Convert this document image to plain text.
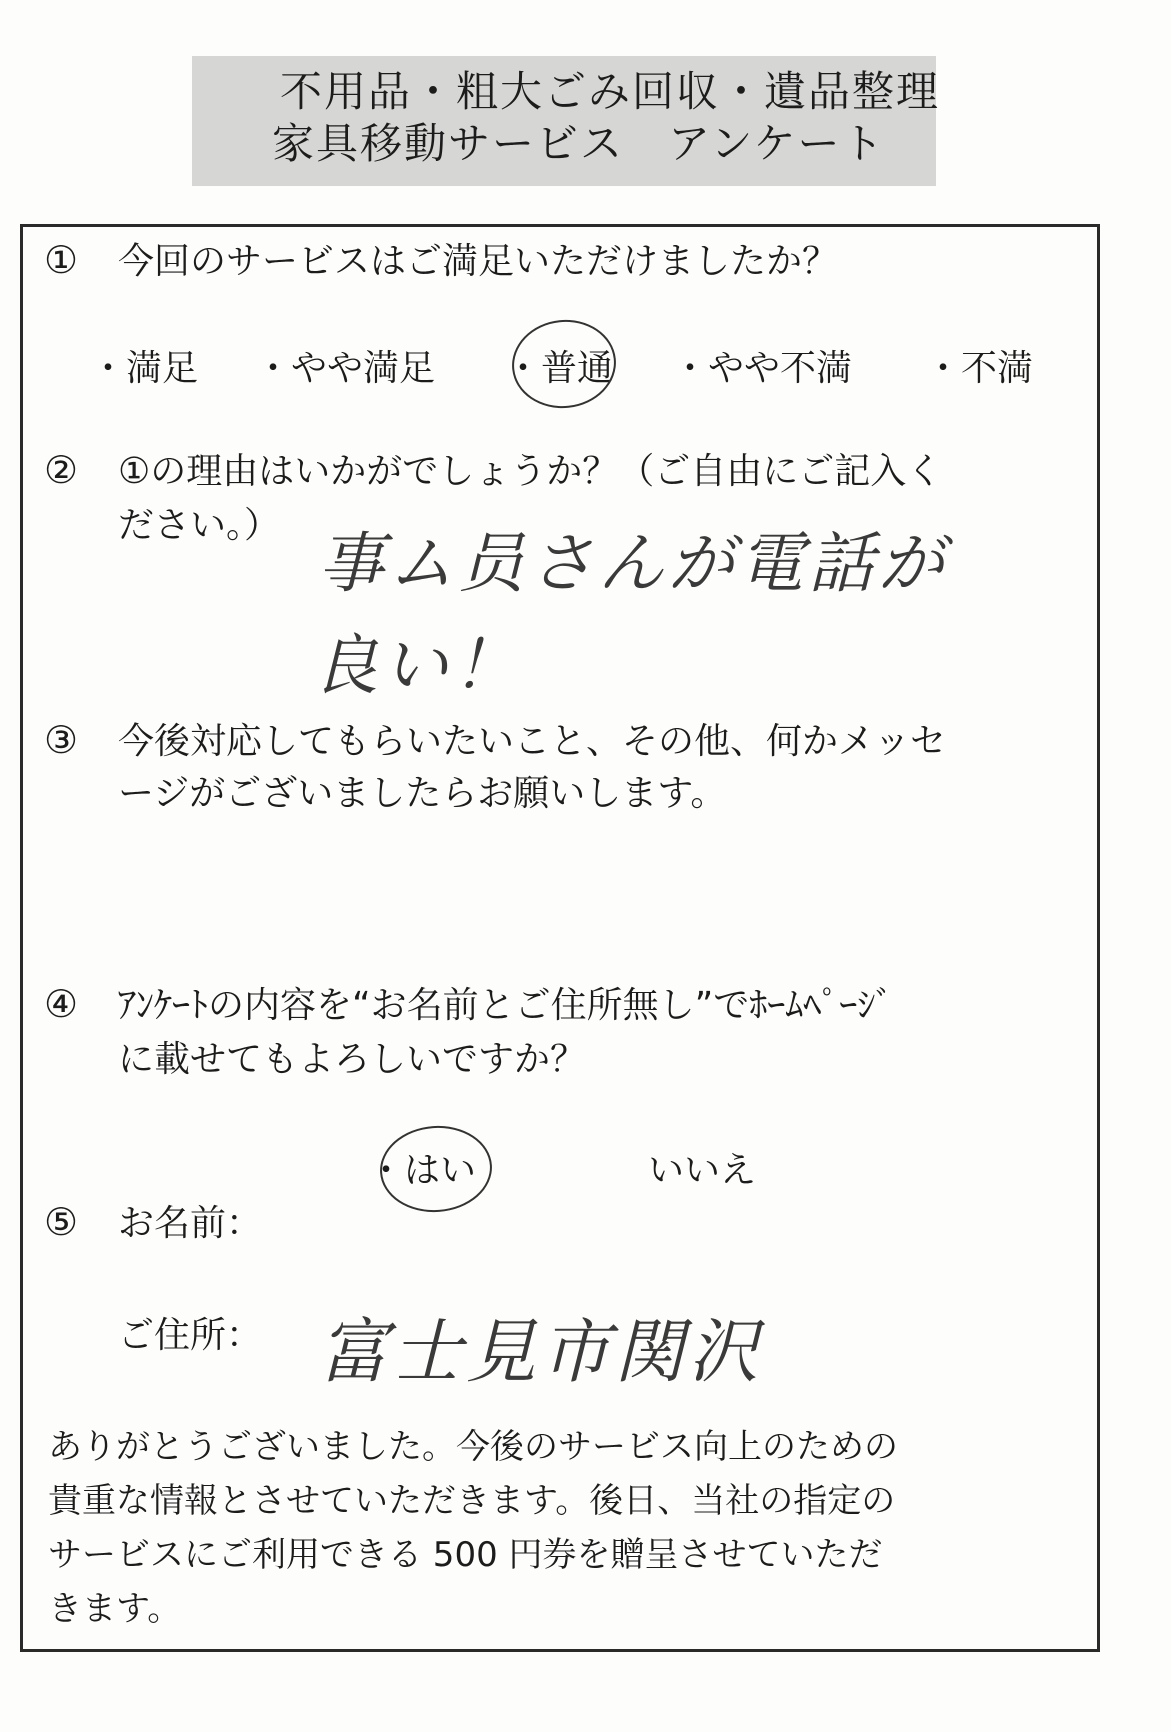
不用品・粗大ごみ回収・遺品整理
家具移動サービス　アンケート
① 今回のサービスはご満足いただけましたか？
・満足 ・やや満足 ・普通 ・やや不満 ・不満
② ①の理由はいかがでしょうか？（ご自由にご記入く
ださい。） 事ム员さんが電話が
良い！
③ 今後対応してもらいたいこと、その他、何かメッセ
ージがございましたらお願いします。
④ ｱﾝｹｰﾄの内容を“お名前とご住所無し”でﾎｰﾑﾍﾟｰｼﾞ
に載せてもよろしいですか？
・はい	いいえ
⑤ お名前：
ご住所： 富士見市関沢
ありがとうございました。今後のサービス向上のための
貴重な情報とさせていただきます。後日、当社の指定の
サービスにご利用できる 500 円券を贈呈させていただ
きます。
